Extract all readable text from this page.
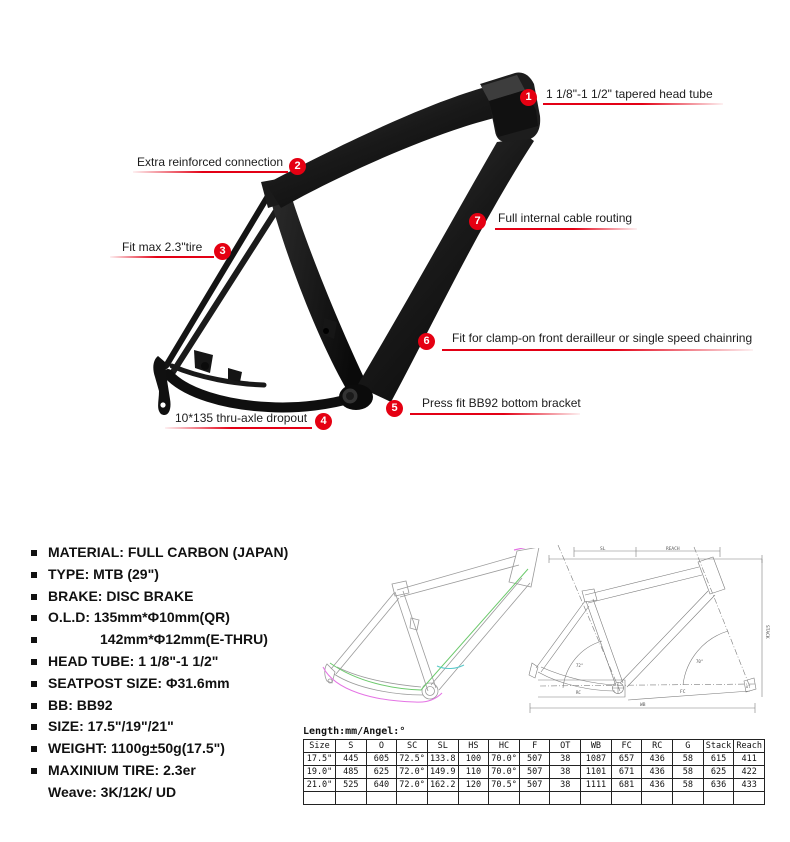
SL	REACH
STACK
WB
FC
RC
OT
72°
70°
1	1 1/8"-1 1/2" tapered head tube
2
Extra reinforced connection
3
Fit max 2.3"tire
4
10*135 thru-axle dropout
5	Press fit BB92 bottom bracket
6	Fit for clamp-on front derailleur or single speed chainring
7	Full internal cable routing
MATERIAL: FULL CARBON (JAPAN)
TYPE: MTB (29")
BRAKE: DISC BRAKE
O.L.D: 135mm*Φ10mm(QR)
142mm*Φ12mm(E-THRU)
HEAD TUBE: 1 1/8"-1 1/2"
SEATPOST SIZE: Φ31.6mm
BB: BB92
SIZE: 17.5"/19"/21"
WEIGHT: 1100g±50g(17.5")
MAXINIUM TIRE: 2.3er
Weave: 3K/12K/ UD
Length:mm/Angel:°
Size	S	O	SC	SL	HS	HC	F	OT	WB	FC	RC	G	Stack	Reach
17.5"	445	605	72.5°	133.8	100	70.0°	507	38	1087	657	436	58	615	411
19.0"	485	625	72.0°	149.9	110	70.0°	507	38	1101	671	436	58	625	422
21.0"	525	640	72.0°	162.2	120	70.5°	507	38	1111	681	436	58	636	433
